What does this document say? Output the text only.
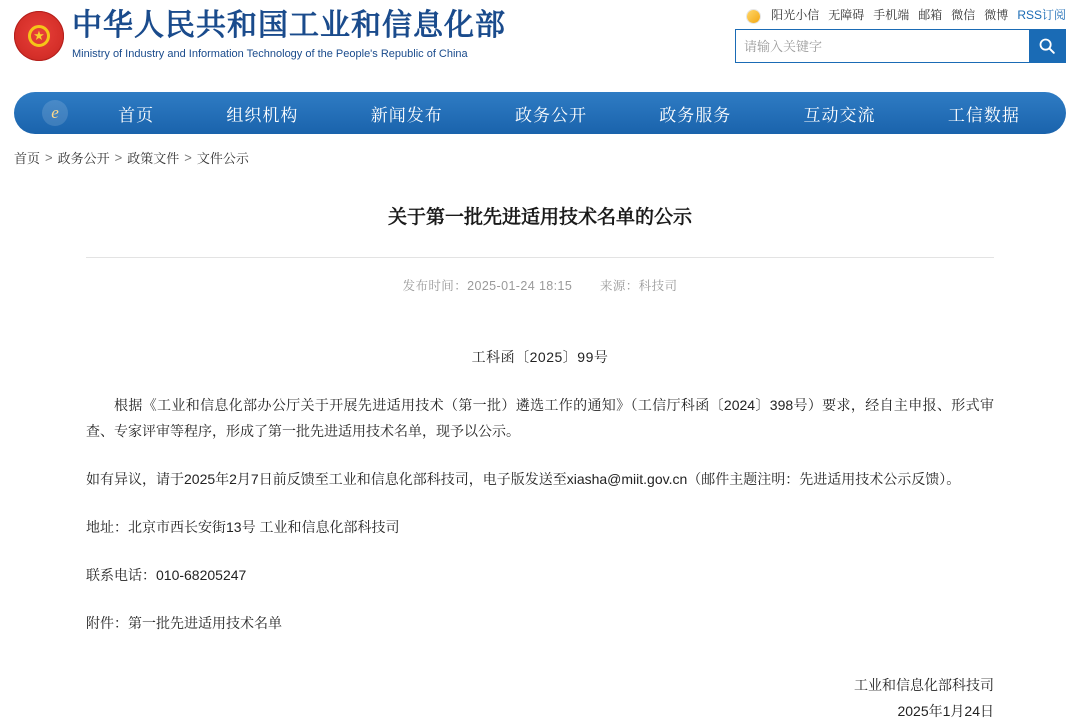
★ 中华人民共和国工业和信息化部
Ministry of Industry and Information Technology of the People's Republic of China
阳光小信 无障碍 手机端 邮箱 微信 微博 RSS订阅
请输入关键字
e
首页	组织机构	新闻发布	政务公开	政务服务	互动交流	工信数据
首页 > 政务公开 > 政策文件 > 文件公示
关于第一批先进适用技术名单的公示
发布时间：2025-01-24 18:15 来源：科技司
工科函〔2025〕99号

根据《工业和信息化部办公厅关于开展先进适用技术（第一批）遴选工作的通知》（工信厅科函〔2024〕398号）要求，经自主申报、形式审查、专家评审等程序，形成了第一批先进适用技术名单，现予以公示。

如有异议，请于2025年2月7日前反馈至工业和信息化部科技司，电子版发送至xiasha@miit.gov.cn（邮件主题注明：先进适用技术公示反馈）。

地址：北京市西长安街13号 工业和信息化部科技司

联系电话：010-68205247

附件：第一批先进适用技术名单

工业和信息化部科技司
2025年1月24日
